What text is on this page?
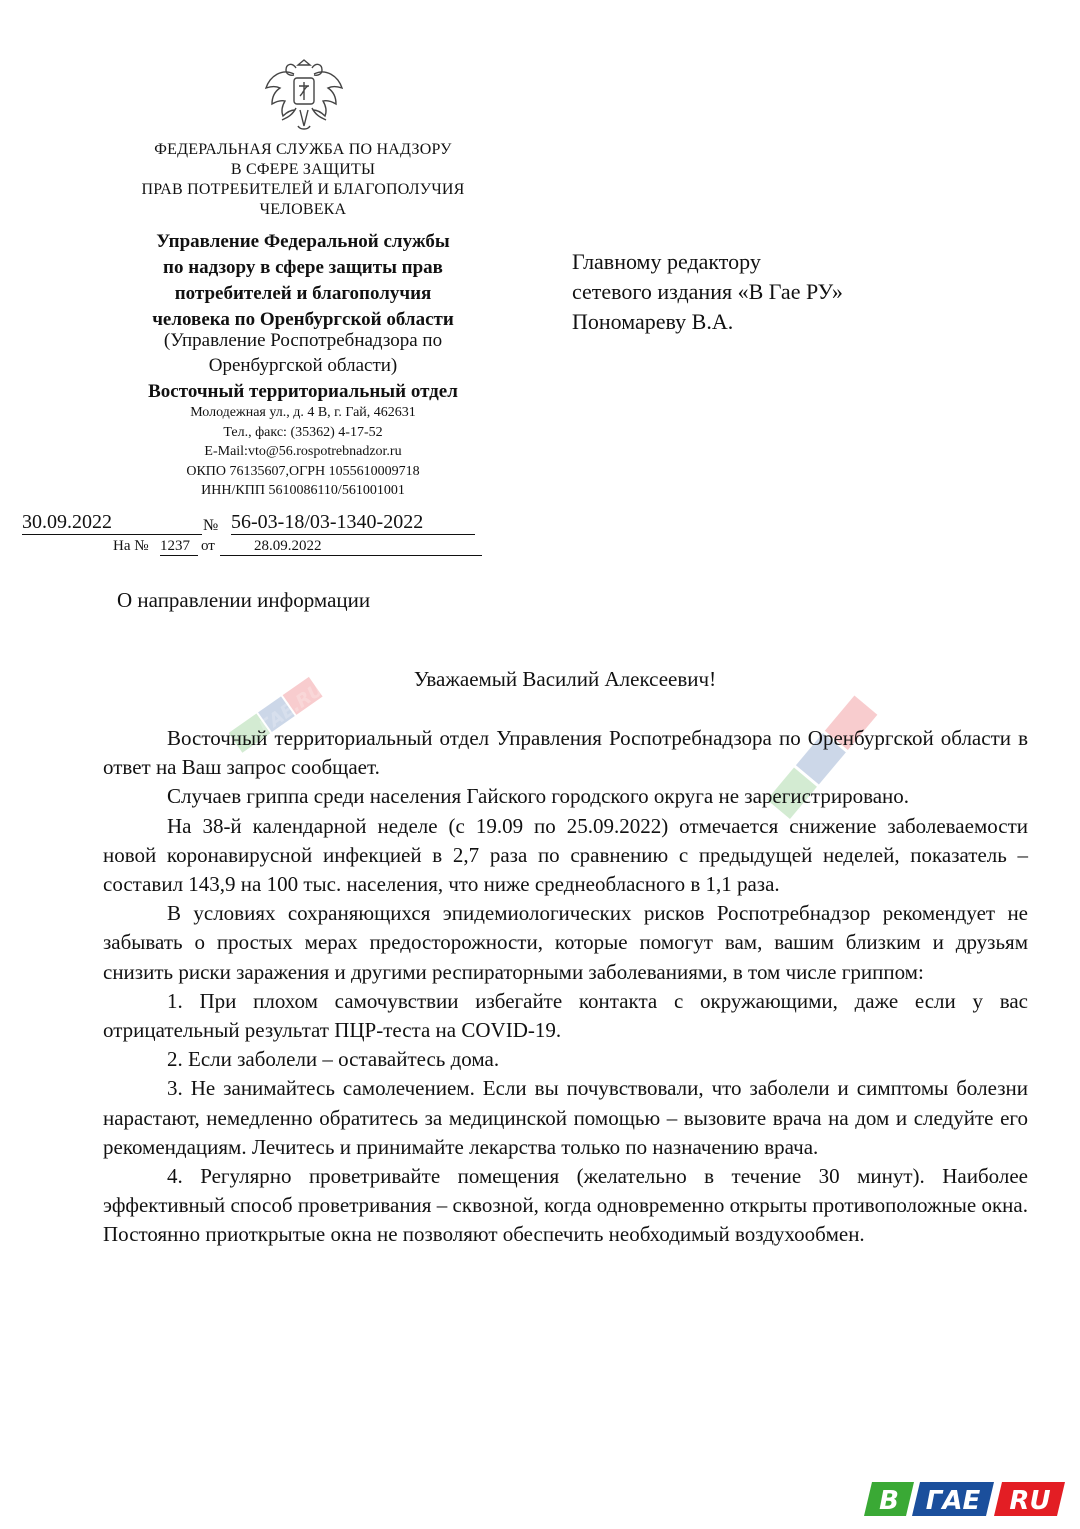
ФЕДЕРАЛЬНАЯ СЛУЖБА ПО НАДЗОРУ
В СФЕРЕ ЗАЩИТЫ
ПРАВ ПОТРЕБИТЕЛЕЙ И БЛАГОПОЛУЧИЯ
ЧЕЛОВЕКА
Управление Федеральной службы
по надзору в сфере защиты прав
потребителей и благополучия
человека по Оренбургской области
(Управление Роспотребнадзора по
Оренбургской области)
Восточный территориальный отдел
Молодежная ул., д. 4 В, г. Гай, 462631
Тел., факс: (35362) 4-17-52
E-Mail:vto@56.rospotrebnadzor.ru
ОКПО 76135607,ОГРН 1055610009718
ИНН/КПП 5610086110/561001001
Главному редактору
сетевого издания «В Гае РУ»
Пономареву В.А.
30.09.2022	№ 56-03-18/03-1340-2022
На № 1237 от	28.09.2022
О направлении информации
Уважаемый Василий Алексеевич!
ГАЕ.RU

Восточный территориальный отдел Управления Роспотребнадзора по Оренбургской области в ответ на Ваш запрос сообщает.

Случаев гриппа среди населения Гайского городского округа не зарегистрировано.

На 38-й календарной неделе (с 19.09 по 25.09.2022) отмечается снижение заболеваемости новой коронавирусной инфекцией в 2,7 раза по сравнению с предыдущей неделей, показатель – составил 143,9 на 100 тыс. населения, что ниже среднеобласного в 1,1 раза.

В условиях сохраняющихся эпидемиологических рисков Роспотребнадзор рекомендует не забывать о простых мерах предосторожности, которые помогут вам, вашим близким и друзьям снизить риски заражения и другими респираторными заболеваниями, в том числе гриппом:

1. При плохом самочувствии избегайте контакта с окружающими, даже если у вас отрицательный результат ПЦР-теста на COVID-19.

2. Если заболели – оставайтесь дома.

3. Не занимайтесь самолечением. Если вы почувствовали, что заболели и симптомы болезни нарастают, немедленно обратитесь за медицинской помощью – вызовите врача на дом и следуйте его рекомендациям. Лечитесь и принимайте лекарства только по назначению врача.

4. Регулярно проветривайте помещения (желательно в течение 30 минут). Наиболее эффективный способ проветривания – сквозной, когда одновременно открыты противоположные окна. Постоянно приоткрытые окна не позволяют обеспечить необходимый воздухообмен.

В ГАЕ RU
